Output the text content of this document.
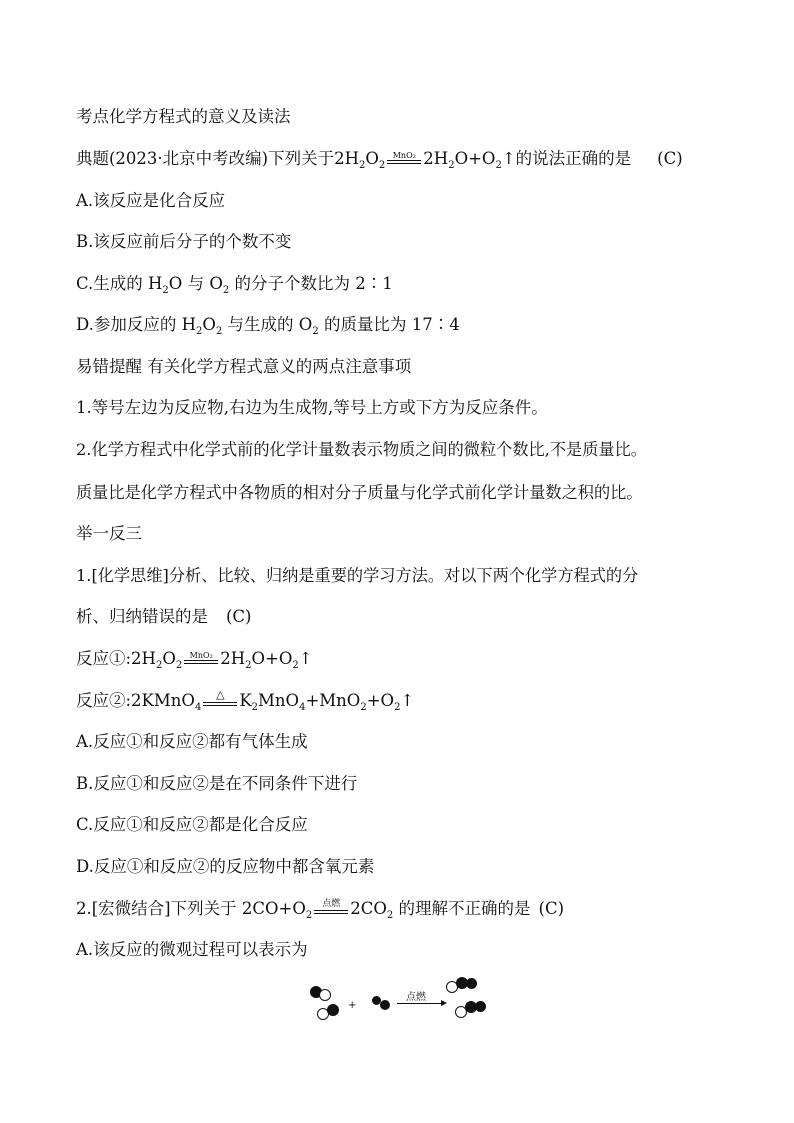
考点化学方程式的意义及读法
典题(2023·北京中考改编)下列关于$2H_2O_2$
MnO₂ $2H_2O+O_2↑$的说法正确的是 (C)
A.该反应是化合反应
B.该反应前后分子的个数不变
C.生成的 $H_2O$ 与 $O_2$ 的分子个数比为 2∶1
D.参加反应的 $H_2O_2$ 与生成的 $O_2$ 的质量比为 17∶4
易错提醒 有关化学方程式意义的两点注意事项
1.等号左边为反应物,右边为生成物,等号上方或下方为反应条件。
2.化学方程式中化学式前的化学计量数表示物质之间的微粒个数比,不是质量比。
质量比是化学方程式中各物质的相对分子质量与化学式前化学计量数之积的比。
举一反三
1.[化学思维]分析、比较、归纳是重要的学习方法。对以下两个化学方程式的分
析、归纳错误的是 (C)
反应$①:2H_2O_2$
MnO₂ $2H_2O+O_2↑$
反应②:2KMnO$_4$
△ $K_2MnO_4+MnO_2+O_2↑$
A.反应①和反应②都有气体生成
B.反应①和反应②是在不同条件下进行
C.反应①和反应②都是化合反应
D.反应①和反应②的反应物中都含氧元素
2.[宏微结合]下列关于 $2CO+O_2$
点燃 $2CO_2$ 的理解不正确的是 (C)
A.该反应的微观过程可以表示为
+
点燃
